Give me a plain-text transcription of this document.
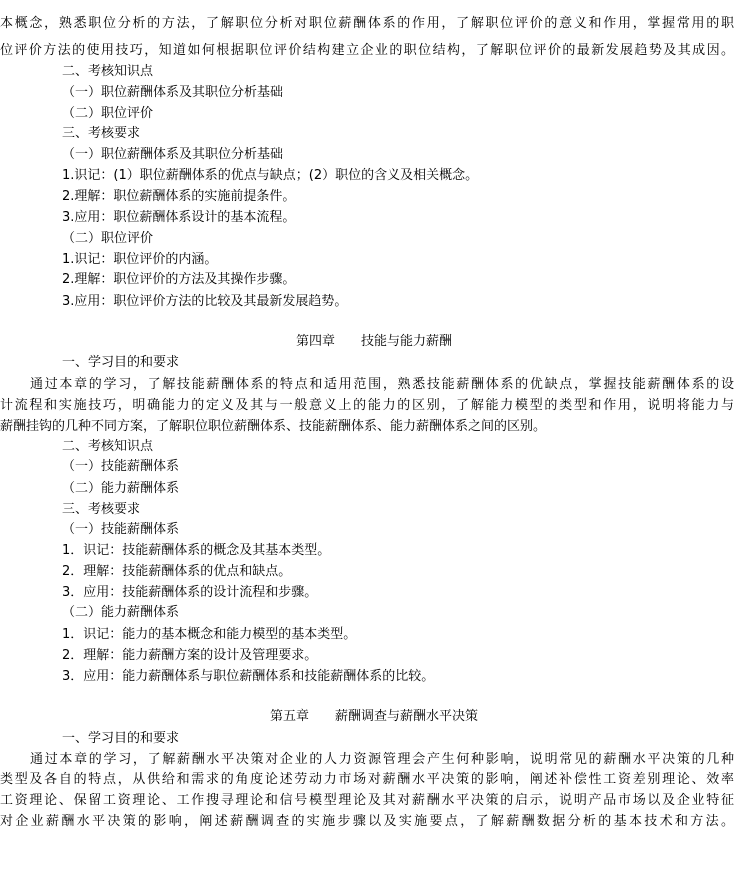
本概念，熟悉职位分析的方法，了解职位分析对职位薪酬体系的作用，了解职位评价的意义和作用，掌握常用的职
位评价方法的使用技巧，知道如何根据职位评价结构建立企业的职位结构，了解职位评价的最新发展趋势及其成因。
二、考核知识点
（一）职位薪酬体系及其职位分析基础
（二）职位评价
三、考核要求
（一）职位薪酬体系及其职位分析基础
1.识记：(1）职位薪酬体系的优点与缺点；(2）职位的含义及相关概念。
2.理解：职位薪酬体系的实施前提条件。
3.应用：职位薪酬体系设计的基本流程。
（二）职位评价
1.识记：职位评价的内涵。
2.理解：职位评价的方法及其操作步骤。
3.应用：职位评价方法的比较及其最新发展趋势。
第四章　　技能与能力薪酬
一、学习目的和要求
通过本章的学习，了解技能薪酬体系的特点和适用范围，熟悉技能薪酬体系的优缺点，掌握技能薪酬体系的设
计流程和实施技巧，明确能力的定义及其与一般意义上的能力的区别，了解能力模型的类型和作用，说明将能力与
薪酬挂钩的几种不同方案，了解职位职位薪酬体系、技能薪酬体系、能力薪酬体系之间的区别。
二、考核知识点
（一）技能薪酬体系
（二）能力薪酬体系
三、考核要求
（一）技能薪酬体系
1．识记：技能薪酬体系的概念及其基本类型。
2．理解：技能薪酬体系的优点和缺点。
3．应用：技能薪酬体系的设计流程和步骤。
（二）能力薪酬体系
1．识记：能力的基本概念和能力模型的基本类型。
2．理解：能力薪酬方案的设计及管理要求。
3．应用：能力薪酬体系与职位薪酬体系和技能薪酬体系的比较。
第五章　　薪酬调查与薪酬水平决策
一、学习目的和要求
通过本章的学习，了解薪酬水平决策对企业的人力资源管理会产生何种影响，说明常见的薪酬水平决策的几种
类型及各自的特点，从供给和需求的角度论述劳动力市场对薪酬水平决策的影响，阐述补偿性工资差别理论、效率
工资理论、保留工资理论、工作搜寻理论和信号模型理论及其对薪酬水平决策的启示，说明产品市场以及企业特征
对企业薪酬水平决策的影响，阐述薪酬调查的实施步骤以及实施要点，了解薪酬数据分析的基本技术和方法。
